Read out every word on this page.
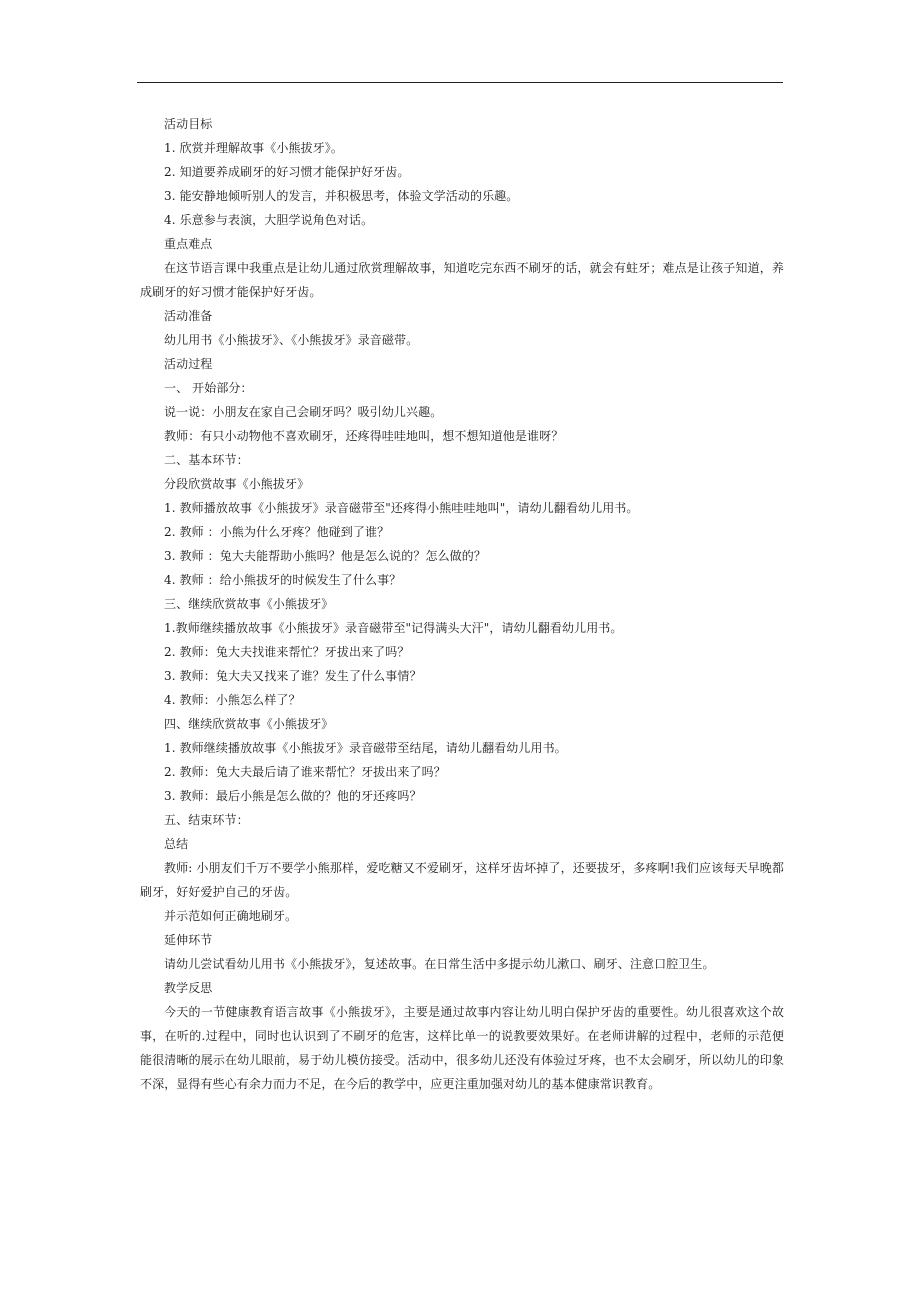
活动目标
1. 欣赏并理解故事《小熊拔牙》。
2. 知道要养成刷牙的好习惯才能保护好牙齿。
3. 能安静地倾听别人的发言，并积极思考，体验文学活动的乐趣。
4. 乐意参与表演，大胆学说角色对话。
重点难点

在这节语言课中我重点是让幼儿通过欣赏理解故事，知道吃完东西不刷牙的话，就会有蛀牙；难点是让孩子知道，养成刷牙的好习惯才能保护好牙齿。

活动准备
幼儿用书《小熊拔牙》、《小熊拔牙》录音磁带。
活动过程
一、 开始部分：
说一说：小朋友在家自己会刷牙吗？吸引幼儿兴趣。
教师：有只小动物他不喜欢刷牙，还疼得哇哇地叫，想不想知道他是谁呀？
二、基本环节：
分段欣赏故事《小熊拔牙》
1. 教师播放故事《小熊拔牙》录音磁带至"还疼得小熊哇哇地叫"，请幼儿翻看幼儿用书。
2. 教师 ：小熊为什么牙疼？他碰到了谁？
3. 教师 ：兔大夫能帮助小熊吗？他是怎么说的？怎么做的？
4. 教师 ：给小熊拔牙的时候发生了什么事？
三、继续欣赏故事《小熊拔牙》
1.教师继续播放故事《小熊拔牙》录音磁带至"记得满头大汗"，请幼儿翻看幼儿用书。
2. 教师：兔大夫找谁来帮忙？牙拔出来了吗？
3. 教师：兔大夫又找来了谁？发生了什么事情？
4. 教师：小熊怎么样了？
四、继续欣赏故事《小熊拔牙》
1. 教师继续播放故事《小熊拔牙》录音磁带至结尾，请幼儿翻看幼儿用书。
2. 教师：兔大夫最后请了谁来帮忙？牙拔出来了吗？
3. 教师：最后小熊是怎么做的？他的牙还疼吗？
五、结束环节：
总结

教师: 小朋友们千万不要学小熊那样，爱吃糖又不爱刷牙，这样牙齿坏掉了，还要拔牙，多疼啊!我们应该每天早晚都刷牙，好好爱护自己的牙齿。

并示范如何正确地刷牙。
延伸环节
请幼儿尝试看幼儿用书《小熊拔牙》，复述故事。在日常生活中多提示幼儿漱口、刷牙、注意口腔卫生。
教学反思

今天的一节健康教育语言故事《小熊拔牙》，主要是通过故事内容让幼儿明白保护牙齿的重要性。幼儿很喜欢这个故事，在听的.过程中，同时也认识到了不刷牙的危害，这样比单一的说教要效果好。在老师讲解的过程中，老师的示范便能很清晰的展示在幼儿眼前，易于幼儿模仿接受。活动中，很多幼儿还没有体验过牙疼，也不太会刷牙，所以幼儿的印象不深，显得有些心有余力而力不足，在今后的教学中，应更注重加强对幼儿的基本健康常识教育。
